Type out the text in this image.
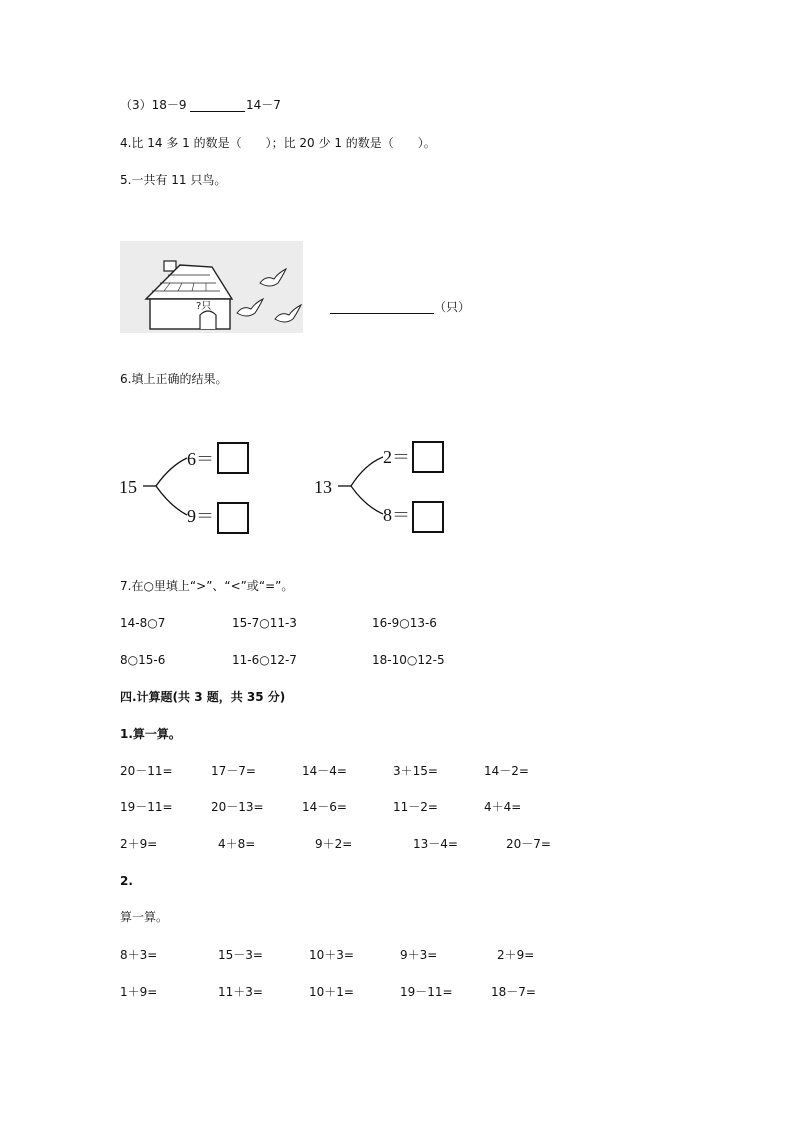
（3）18－9	14－7
4.比 14 多 1 的数是（　　）；比 20 少 1 的数是（　　）。
5.一共有 11 只鸟。
?只	（只）
6.填上正确的结果。
15
6＝
9＝
13
2＝
8＝
7.在○里填上“>”、“<”或“=”。
14-8○7	15-7○11-3	16-9○13-6
8○15-6	11-6○12-7	18-10○12-5
四.计算题(共 3 题，共 35 分)
1.算一算。
20－11=	17－7=	14－4=	3＋15=	14－2=
19－11=	20－13=	14－6=	11－2=	4＋4=
2＋9=	4＋8=	9＋2=	13－4=	20－7=
2.
算一算。
8＋3=	15－3=	10＋3=	9＋3=	2＋9=
1＋9=	11＋3=	10＋1=	19－11=	18－7=
